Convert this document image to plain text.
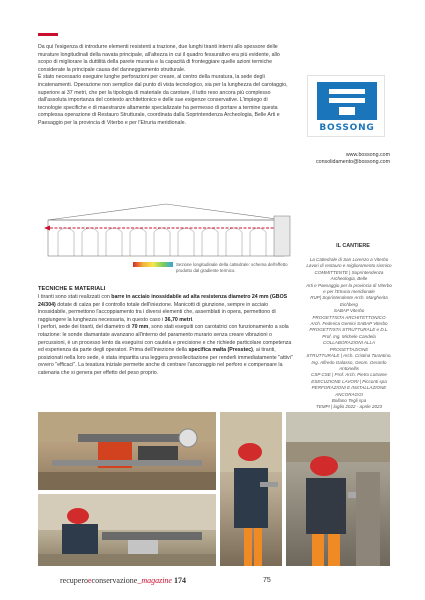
Da qui l'esigenza di introdurre elementi resistenti a trazione, due lunghi tiranti interni allo spessore delle murature longitudinali della navata principale, all'altezza in cui il quadro fessurativo era più evidente, allo scopo di migliorare la duttilità della parete muraria e la capacità di fronteggiare quelle azioni termiche considerate la principale causa del danneggiamento strutturale.

È stato necessario eseguire lunghe perforazioni per creare, al centro della muratura, la sede degli incatenamenti. Operazione non semplice dal punto di vista tecnologico, sia per la lunghezza del carotaggio, superiore ai 37 metri, che per la tipologia di materiale da carotare, il tutto reso ancora più complesso dall'assoluta importanza del contesto architettonico e delle sue esigenze conservative. L'impiego di tecnologie specifiche e di maestranze altamente specializzate ha permesso di portare a termine questa complessa operazione di Restauro Strutturale, coordinata dalla Soprintendenza Archeologia, Belle Arti e Paesaggio per la provincia di Viterbo e per l'Etruria meridionale.

Sezione longitudinale della cattedrale: schema dell'effetto prodotto dal gradiente termico.

TECNICHE E MATERIALI

I tiranti sono stati realizzati con barre in acciaio inossidabile ad alta resistenza diametro 24 mm (GBOS 24/304) dotate di calza per il controllo totale dell'iniezione. Manicotti di giunzione, sempre in acciaio inossidabile, permettono l'accoppiamento tra i diversi elementi che, assemblati in opera, permettono di raggiungere la lunghezza necessaria, in questo caso i 36,70 metri.

I perfori, sede dei tiranti, del diametro di 70 mm, sono stati eseguiti con carotatrici con funzionamento a sola rotazione: le sonde diamantate avanzano all'interno del paramento murario senza creare vibrazioni o percussioni, è un processo lento da eseguirsi con cautela e precisione e che richiede particolare competenza ed esperienza da parte degli operatori. Prima dell'iniezione della specifica malta (Presstec), ai tiranti, posizionati nella loro sede, è stata impartita una leggera presollecitazione per renderli immediatamente "attivi" ovvero "efficaci". La tesatura iniziale permette anche di centrare l'ancoraggio nel perforo e compensare la catenaria che si genera per effetto del peso proprio.

BOSSONG
www.bossong.com
consolidamento@bossong.com
IL CANTIERE
La Cattedrale di San Lorenzo a Viterbo
Lavori di restauro e miglioramento sismico
COMMITTENTE | Soprintendenza Archeologia, Belle
Arti e Paesaggio per la provincia di Viterbo
e per l'Etruria meridionale
RUP| Soprintendente Arch. Margherita Eichberg
SABAP Viterbo
PROGETTISTA ARCHITETTONICO
Arch. Federica Gemini SABAP Viterbo
PROGETTISTA STRUTTURALE e D.L.
Prof. Ing. Michele Candela
COLLABORAZIONI ALLA PROGETTAZIONE
STRUTTURALE | Arch. Cristina Tarantino,
Ing. Alfredo Galasso, Geom. Gerardo Antonellis
CSP CSE | Prof. Arch. Pietro Lotrame
ESECUZIONE LAVORI | Picconti spa
PERFORAZIONI E INSTALLAZIONE ANCORAGGI
Bollano Tegli spa
TEMPI | luglio 2022 - aprile 2023
recuperoeconservazione_magazine 174	75
